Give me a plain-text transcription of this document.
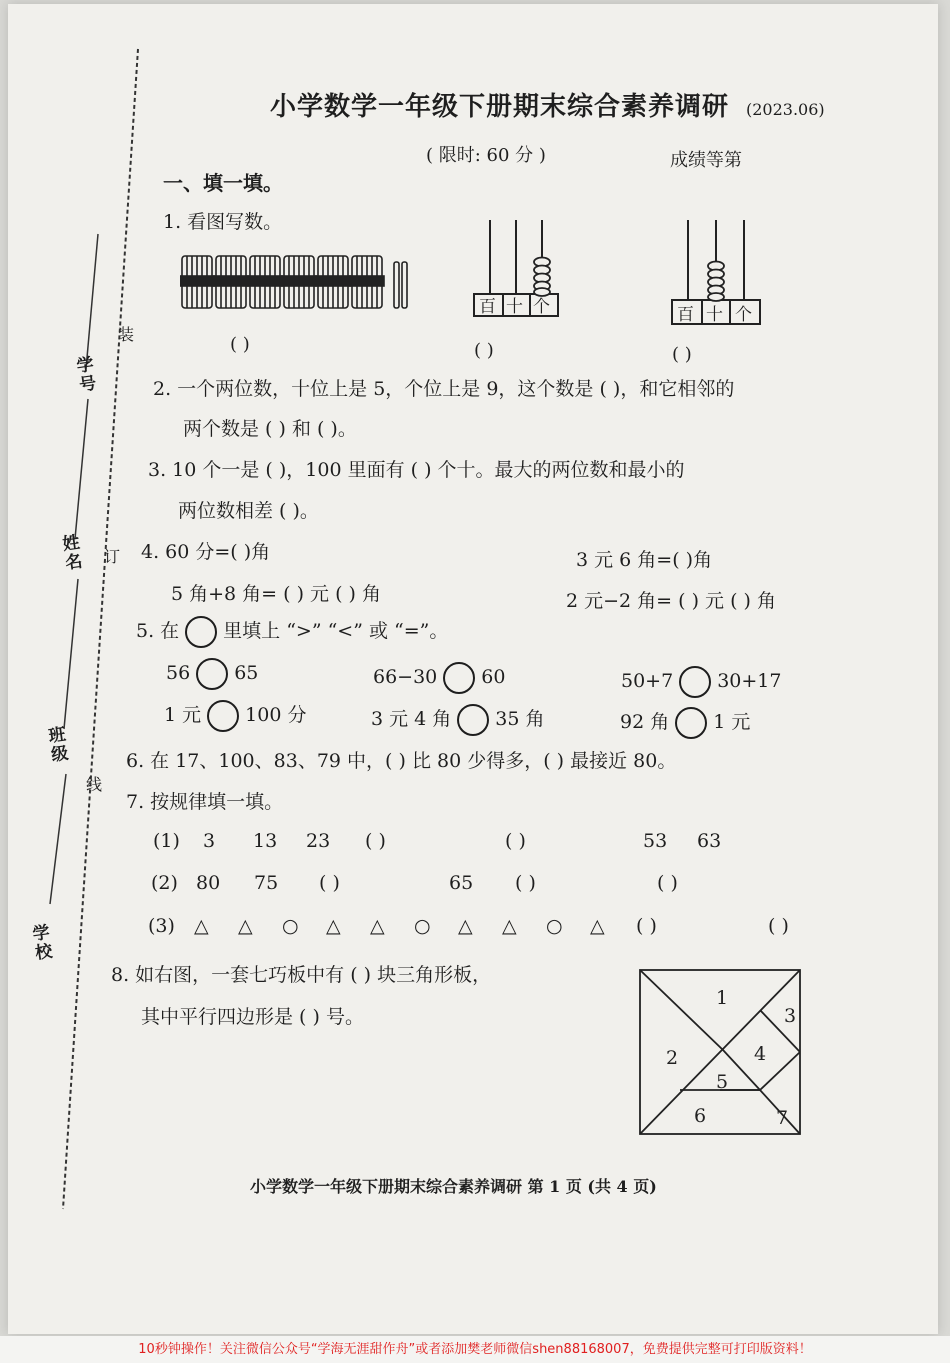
学号
姓名
班级
学校
装
订
线
小学数学一年级下册期末综合素养调研 (2023.06)
( 限时: 60 分 )	成绩等第
一、填一填。
1. 看图写数。
百 十 个	百 十 个
( )	( )	( )
2. 一个两位数，十位上是 5，个位上是 9，这个数是 ( )，和它相邻的
两个数是 ( ) 和 ( )。
3. 10 个一是 ( )，100 里面有 ( ) 个十。最大的两位数和最小的
两位数相差 ( )。
4. 60 分=( )角	3 元 6 角=( )角
5 角+8 角= ( ) 元 ( ) 角	2 元−2 角= ( ) 元 ( ) 角
5. 在 里填上 “>” “<” 或 “=”。
56 65	66−30 60	50+7 30+17
1 元 100 分	3 元 4 角 35 角	92 角 1 元
6. 在 17、100、83、79 中，( ) 比 80 少得多，( ) 最接近 80。
7. 按规律填一填。
(1) 3 13 23 ( )	( )	53 63
(2) 80 75 ( )	65 ( )	( )
(3) △ △ ○ △ △ ○ △ △ ○ △ ( )	( )
8. 如右图，一套七巧板中有 ( ) 块三角形板，
其中平行四边形是 ( ) 号。
1
2
3
4
5
6	7
小学数学一年级下册期末综合素养调研 第 1 页 (共 4 页)
10秒钟操作！关注微信公众号“学海无涯甜作舟”或者添加樊老师微信shen88168007，免费提供完整可打印版资料！
